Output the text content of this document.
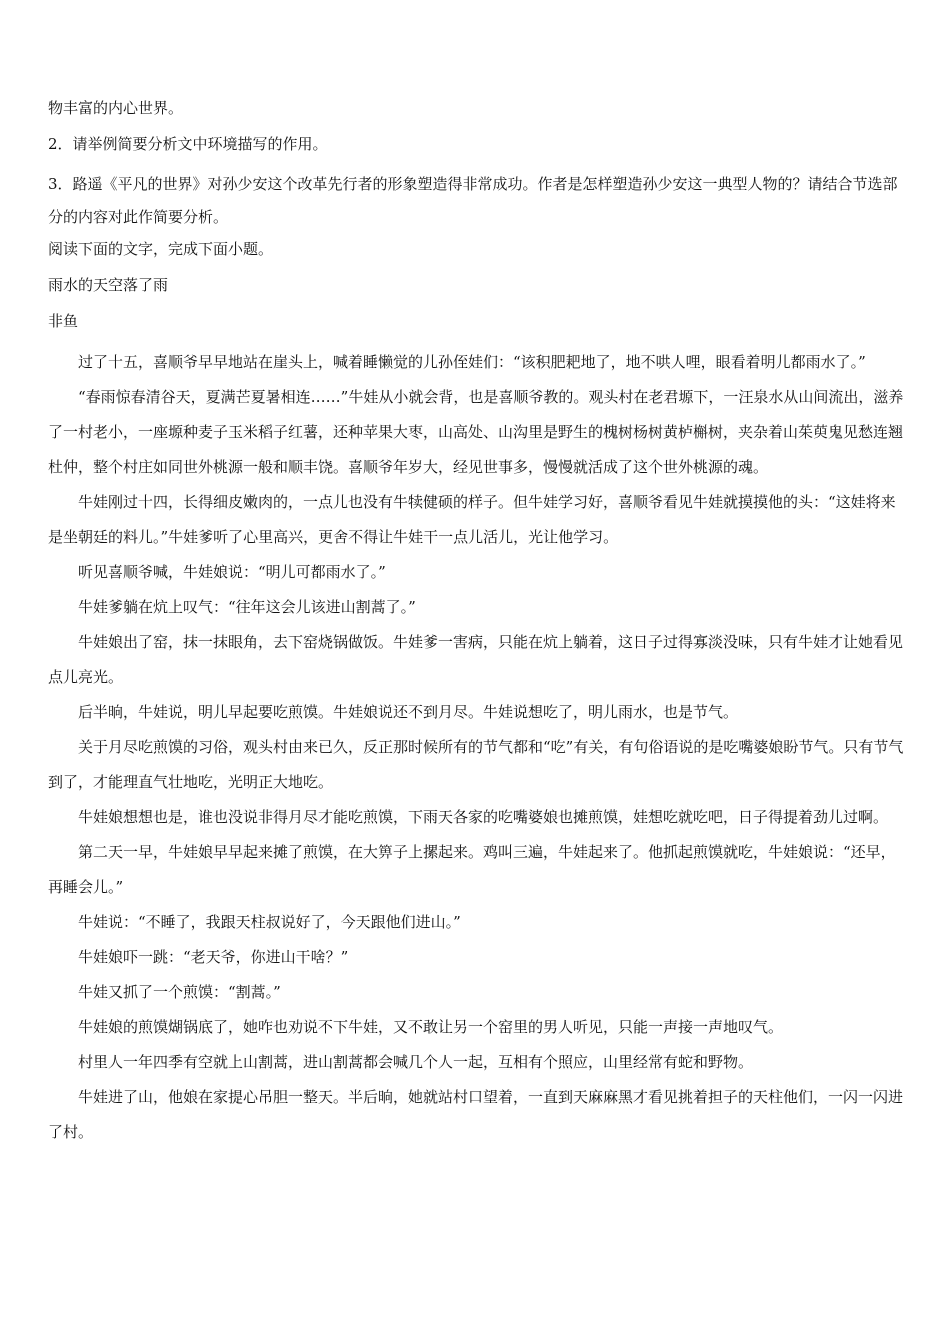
物丰富的内心世界。

2．请举例简要分析文中环境描写的作用。

3．路遥《平凡的世界》对孙少安这个改革先行者的形象塑造得非常成功。作者是怎样塑造孙少安这一典型人物的？请结合节选部分的内容对此作简要分析。

阅读下面的文字，完成下面小题。

雨水的天空落了雨

非鱼

过了十五，喜顺爷早早地站在崖头上，喊着睡懒觉的儿孙侄娃们：“该积肥耙地了，地不哄人哩，眼看着明儿都雨水了。”

“春雨惊春清谷天，夏满芒夏暑相连……”牛娃从小就会背，也是喜顺爷教的。观头村在老君塬下，一汪泉水从山间流出，滋养了一村老小，一座塬种麦子玉米稻子红薯，还种苹果大枣，山高处、山沟里是野生的槐树杨树黄栌槲树，夹杂着山茱萸鬼见愁连翘杜仲，整个村庄如同世外桃源一般和顺丰饶。喜顺爷年岁大，经见世事多，慢慢就活成了这个世外桃源的魂。

牛娃刚过十四，长得细皮嫩肉的，一点儿也没有牛犊健硕的样子。但牛娃学习好，喜顺爷看见牛娃就摸摸他的头：“这娃将来是坐朝廷的料儿。”牛娃爹听了心里高兴，更舍不得让牛娃干一点儿活儿，光让他学习。

听见喜顺爷喊，牛娃娘说：“明儿可都雨水了。”

牛娃爹躺在炕上叹气：“往年这会儿该进山割蒿了。”

牛娃娘出了窑，抹一抹眼角，去下窑烧锅做饭。牛娃爹一害病，只能在炕上躺着，这日子过得寡淡没味，只有牛娃才让她看见点儿亮光。

后半晌，牛娃说，明儿早起要吃煎馍。牛娃娘说还不到月尽。牛娃说想吃了，明儿雨水，也是节气。

关于月尽吃煎馍的习俗，观头村由来已久，反正那时候所有的节气都和“吃”有关，有句俗语说的是吃嘴婆娘盼节气。只有节气到了，才能理直气壮地吃，光明正大地吃。

牛娃娘想想也是，谁也没说非得月尽才能吃煎馍，下雨天各家的吃嘴婆娘也摊煎馍，娃想吃就吃吧，日子得提着劲儿过啊。

第二天一早，牛娃娘早早起来摊了煎馍，在大箅子上摞起来。鸡叫三遍，牛娃起来了。他抓起煎馍就吃，牛娃娘说：“还早，再睡会儿。”

牛娃说：“不睡了，我跟天柱叔说好了，今天跟他们进山。”

牛娃娘吓一跳：“老天爷，你进山干啥？”

牛娃又抓了一个煎馍：“割蒿。”

牛娃娘的煎馍煳锅底了，她咋也劝说不下牛娃，又不敢让另一个窑里的男人听见，只能一声接一声地叹气。

村里人一年四季有空就上山割蒿，进山割蒿都会喊几个人一起，互相有个照应，山里经常有蛇和野物。

牛娃进了山，他娘在家提心吊胆一整天。半后晌，她就站村口望着，一直到天麻麻黑才看见挑着担子的天柱他们，一闪一闪进了村。
